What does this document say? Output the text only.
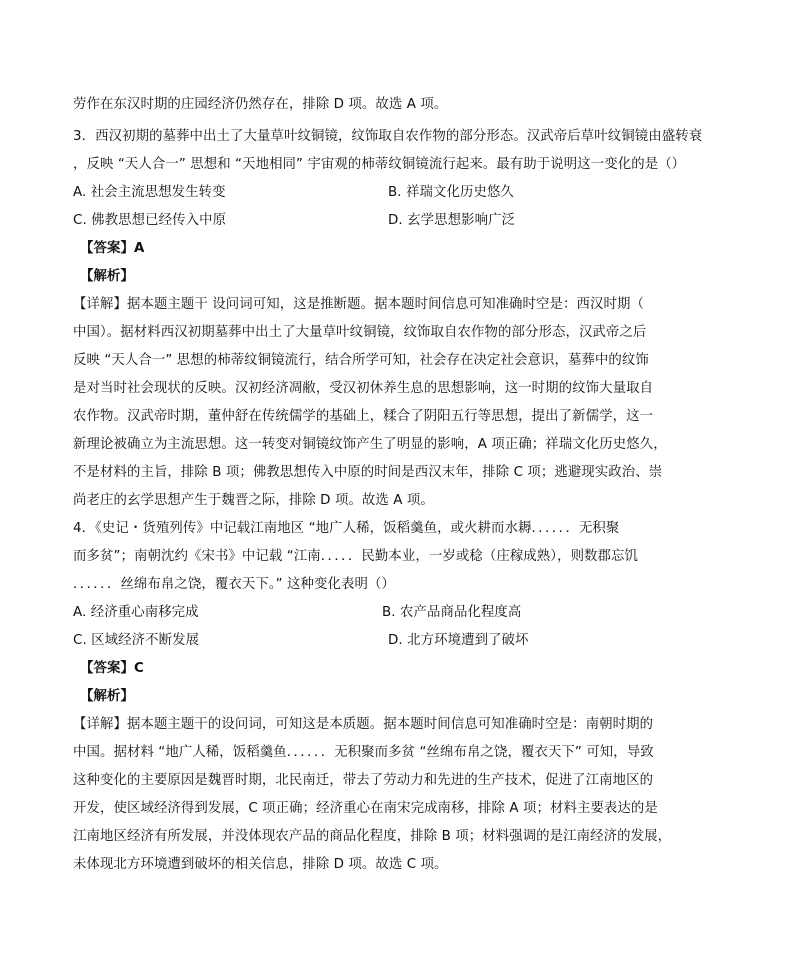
劳作在东汉时期的庄园经济仍然存在，排除 D 项。故选 A 项。
3．西汉初期的墓葬中出土了大量草叶纹铜镜，纹饰取自农作物的部分形态。汉武帝后草叶纹铜镜由盛转衰
，反映 “天人合一” 思想和 “天地相同” 宇宙观的柿蒂纹铜镜流行起来。最有助于说明这一变化的是（）
A. 社会主流思想发生转变	B. 祥瑞文化历史悠久
C. 佛教思想已经传入中原	D. 玄学思想影响广泛
【答案】A
【解析】
【详解】据本题主题干 设问词可知，这是推断题。据本题时间信息可知准确时空是：西汉时期（
中国）。据材料西汉初期墓葬中出土了大量草叶纹铜镜，纹饰取自农作物的部分形态，汉武帝之后
反映 “天人合一” 思想的柿蒂纹铜镜流行，结合所学可知，社会存在决定社会意识，墓葬中的纹饰
是对当时社会现状的反映。汉初经济凋敝，受汉初休养生息的思想影响，这一时期的纹饰大量取自
农作物。汉武帝时期，董仲舒在传统儒学的基础上，糅合了阴阳五行等思想，提出了新儒学，这一
新理论被确立为主流思想。这一转变对铜镜纹饰产生了明显的影响，A 项正确；祥瑞文化历史悠久，
不是材料的主旨，排除 B 项；佛教思想传入中原的时间是西汉末年，排除 C 项；逃避现实政治、崇
尚老庄的玄学思想产生于魏晋之际，排除 D 项。故选 A 项。
4．《史记・货殖列传》中记载江南地区 “地广人稀，饭稻羹鱼，或火耕而水耨．．．．．．无积聚
而多贫”；南朝沈约《宋书》中记载 “江南．．．．．民勤本业，一岁或稔（庄稼成熟），则数郡忘饥
．．．．．．丝绵布帛之饶，覆衣天下。” 这种变化表明（）
A. 经济重心南移完成	B. 农产品商品化程度高
C. 区域经济不断发展	D. 北方环境遭到了破坏
【答案】C
【解析】
【详解】据本题主题干的设问词，可知这是本质题。据本题时间信息可知准确时空是：南朝时期的
中国。据材料 “地广人稀，饭稻羹鱼．．．．．．无积聚而多贫 “丝绵布帛之饶，覆衣天下” 可知，导致
这种变化的主要原因是魏晋时期，北民南迁，带去了劳动力和先进的生产技术，促进了江南地区的
开发，使区域经济得到发展，C 项正确；经济重心在南宋完成南移，排除 A 项；材料主要表达的是
江南地区经济有所发展，并没体现农产品的商品化程度，排除 B 项；材料强调的是江南经济的发展，
未体现北方环境遭到破坏的相关信息，排除 D 项。故选 C 项。
